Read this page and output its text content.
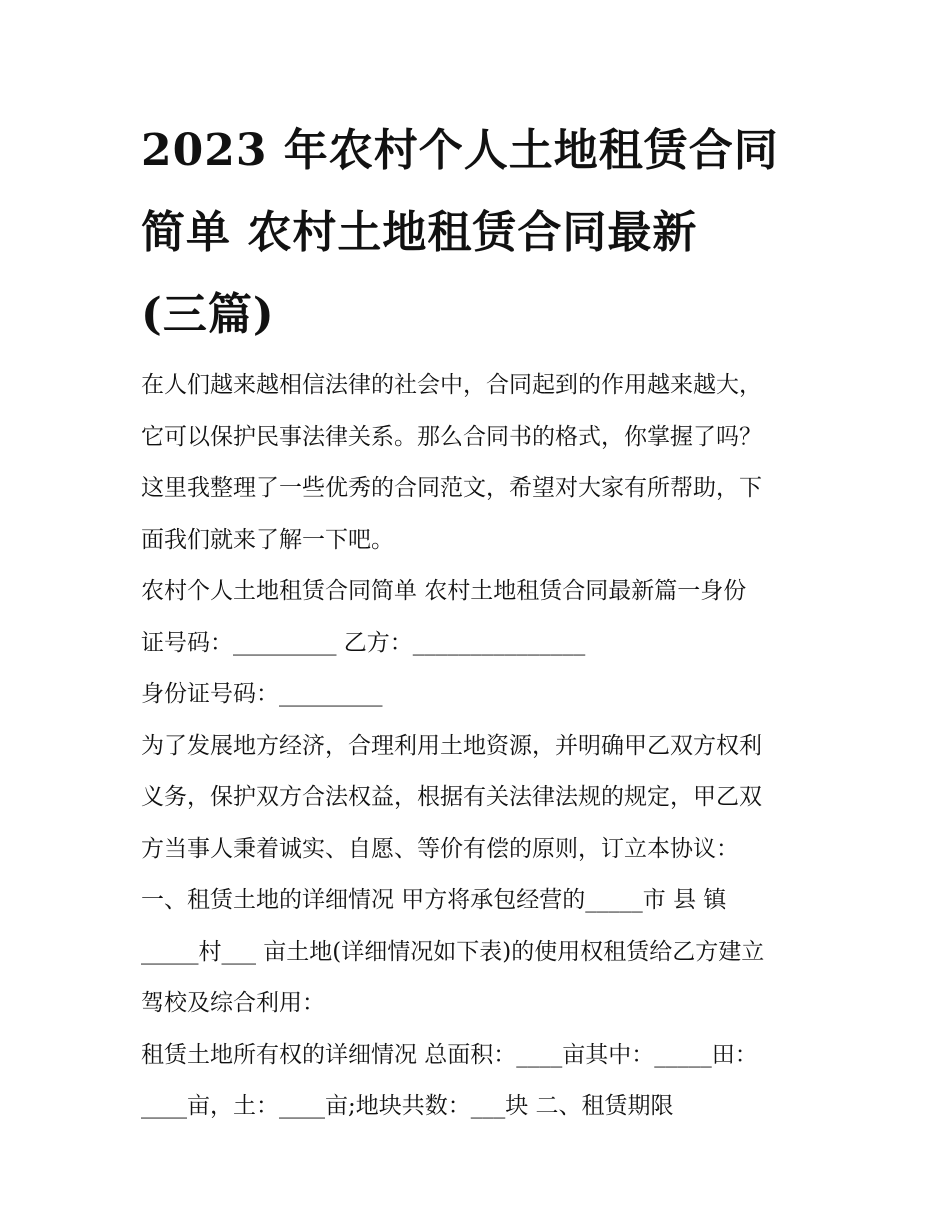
2023 年农村个人土地租赁合同
简单 农村土地租赁合同最新
(三篇)

在人们越来越相信法律的社会中，合同起到的作用越来越大，
它可以保护民事法律关系。那么合同书的格式，你掌握了吗？
这里我整理了一些优秀的合同范文，希望对大家有所帮助，下
面我们就来了解一下吧。

农村个人土地租赁合同简单 农村土地租赁合同最新篇一身份
证号码：_________ 乙方：_______________

身份证号码：_________

为了发展地方经济，合理利用土地资源，并明确甲乙双方权利
义务，保护双方合法权益，根据有关法律法规的规定，甲乙双
方当事人秉着诚实、自愿、等价有偿的原则，订立本协议：

一、租赁土地的详细情况 甲方将承包经营的_____市 县 镇
_____村___ 亩土地(详细情况如下表)的使用权租赁给乙方建立
驾校及综合利用：

租赁土地所有权的详细情况 总面积：____亩其中：_____田：
____亩，土：____亩;地块共数：___块 二、租赁期限
